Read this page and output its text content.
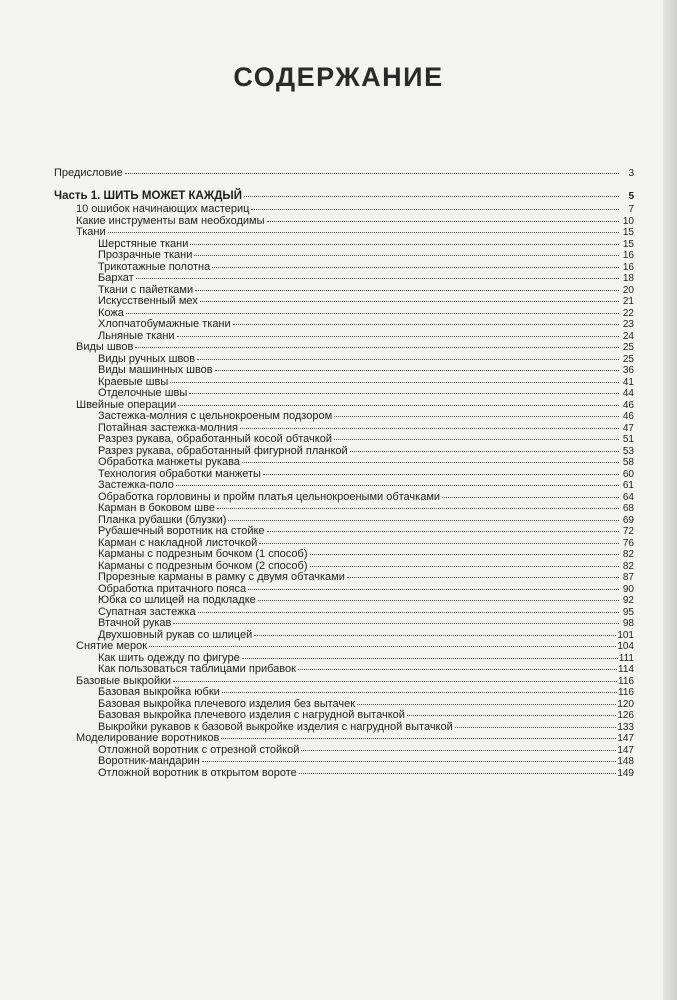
СОДЕРЖАНИЕ
Предисловие	3
Часть 1. ШИТЬ МОЖЕТ КАЖДЫЙ	5
10 ошибок начинающих мастериц	7
Какие инструменты вам необходимы	10
Ткани	15
Шерстяные ткани	15
Прозрачные ткани	16
Трикотажные полотна	16
Бархат	18
Ткани с пайетками	20
Искусственный мех	21
Кожа	22
Хлопчатобумажные ткани	23
Льняные ткани	24
Виды швов	25
Виды ручных швов	25
Виды машинных швов	36
Краевые швы	41
Отделочные швы	44
Швейные операции	46
Застежка-молния с цельнокроеным подзором	46
Потайная застежка-молния	47
Разрез рукава, обработанный косой обтачкой	51
Разрез рукава, обработанный фигурной планкой	53
Обработка манжеты рукава	58
Технология обработки манжеты	60
Застежка-поло	61
Обработка горловины и пройм платья цельнокроеными обтачками	64
Карман в боковом шве	68
Планка рубашки (блузки)	69
Рубашечный воротник на стойке	72
Карман с накладной листочкой	76
Карманы с подрезным бочком (1 способ)	82
Карманы с подрезным бочком (2 способ)	82
Прорезные карманы в рамку с двумя обтачками	87
Обработка притачного пояса	90
Юбка со шлицей на подкладке	92
Супатная застежка	95
Втачной рукав	98
Двухшовный рукав со шлицей	101
Снятие мерок	104
Как шить одежду по фигуре	111
Как пользоваться таблицами прибавок	114
Базовые выкройки	116
Базовая выкройка юбки	116
Базовая выкройка плечевого изделия без вытачек	120
Базовая выкройка плечевого изделия с нагрудной вытачкой	126
Выкройки рукавов к базовой выкройке изделия с нагрудной вытачкой	133
Моделирование воротников	147
Отложной воротник с отрезной стойкой	147
Воротник-мандарин	148
Отложной воротник в открытом вороте	149
